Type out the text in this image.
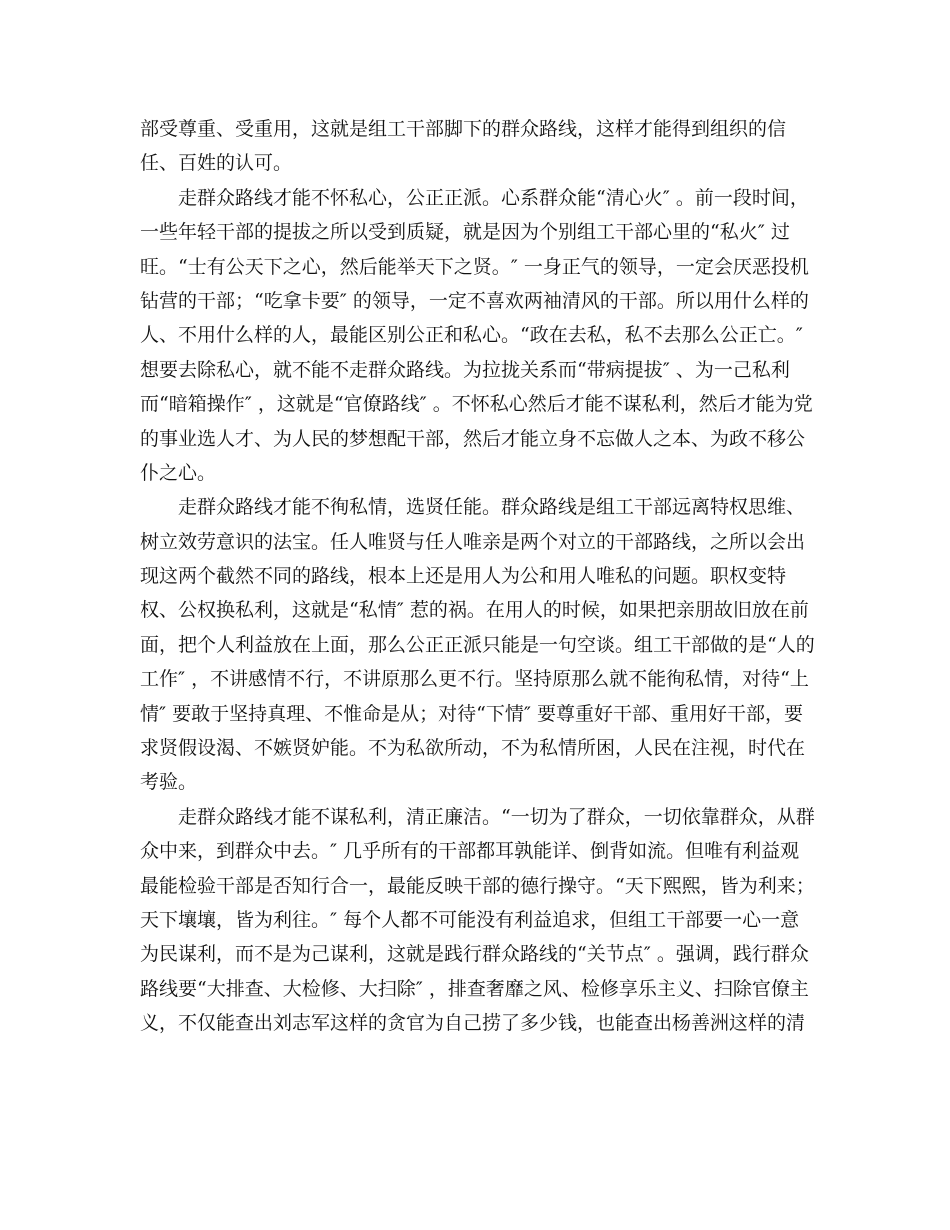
部受尊重、受重用，这就是组工干部脚下的群众路线，这样才能得到组织的信
任、百姓的认可。
走群众路线才能不怀私心，公正正派。心系群众能“清心火″ 。前一段时间，
一些年轻干部的提拔之所以受到质疑，就是因为个别组工干部心里的“私火″ 过
旺。“士有公天下之心，然后能举天下之贤。″ 一身正气的领导，一定会厌恶投机
钻营的干部；“吃拿卡要″ 的领导，一定不喜欢两袖清风的干部。所以用什么样的
人、不用什么样的人，最能区别公正和私心。“政在去私，私不去那么公正亡。″
想要去除私心，就不能不走群众路线。为拉拢关系而“带病提拔″ 、为一己私利
而“暗箱操作″ ，这就是“官僚路线″ 。不怀私心然后才能不谋私利，然后才能为党
的事业选人才、为人民的梦想配干部，然后才能立身不忘做人之本、为政不移公
仆之心。
走群众路线才能不徇私情，选贤任能。群众路线是组工干部远离特权思维、
树立效劳意识的法宝。任人唯贤与任人唯亲是两个对立的干部路线，之所以会出
现这两个截然不同的路线，根本上还是用人为公和用人唯私的问题。职权变特
权、公权换私利，这就是“私情″ 惹的祸。在用人的时候，如果把亲朋故旧放在前
面，把个人利益放在上面，那么公正正派只能是一句空谈。组工干部做的是“人的
工作″ ，不讲感情不行，不讲原那么更不行。坚持原那么就不能徇私情，对待“上
情″ 要敢于坚持真理、不惟命是从；对待“下情″ 要尊重好干部、重用好干部，要
求贤假设渴、不嫉贤妒能。不为私欲所动，不为私情所困，人民在注视，时代在
考验。
走群众路线才能不谋私利，清正廉洁。“一切为了群众，一切依靠群众，从群
众中来，到群众中去。″ 几乎所有的干部都耳孰能详、倒背如流。但唯有利益观
最能检验干部是否知行合一，最能反映干部的德行操守。“天下熙熙，皆为利来；
天下壤壤，皆为利往。″ 每个人都不可能没有利益追求，但组工干部要一心一意
为民谋利，而不是为己谋利，这就是践行群众路线的“关节点″ 。强调，践行群众
路线要“大排查、大检修、大扫除″ ，排查奢靡之风、检修享乐主义、扫除官僚主
义，不仅能查出刘志军这样的贪官为自己捞了多少钱，也能查出杨善洲这样的清
